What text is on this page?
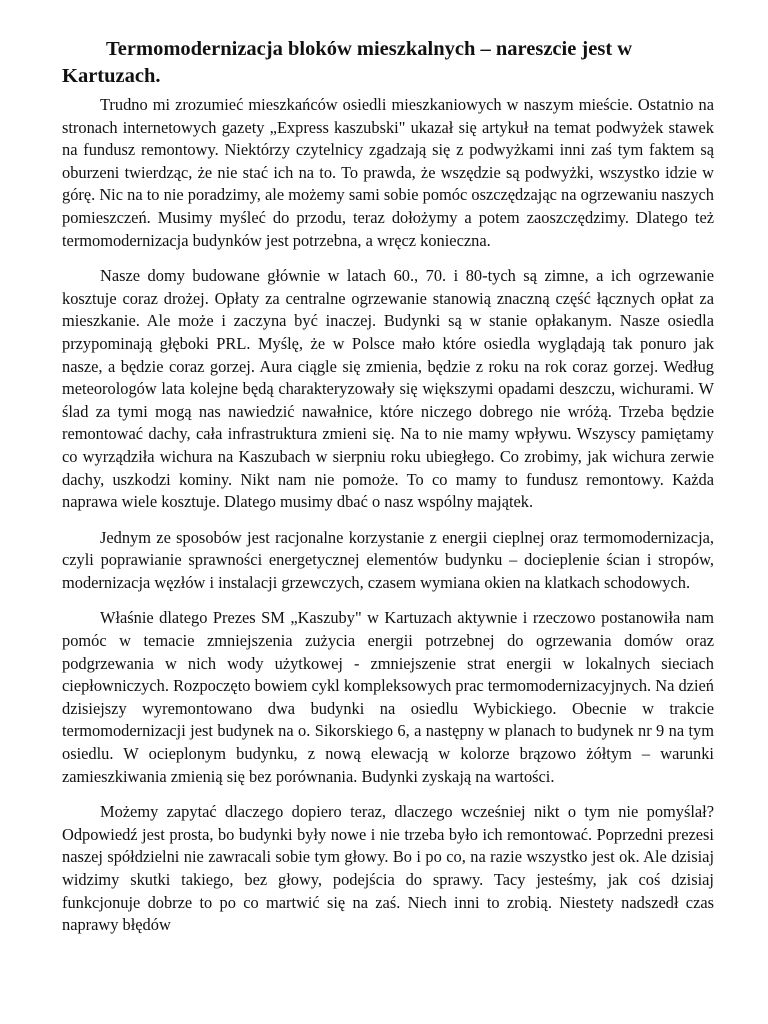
Termomodernizacja bloków mieszkalnych – nareszcie jest w Kartuzach.

Trudno mi zrozumieć mieszkańców osiedli mieszkaniowych w naszym mieście. Ostatnio na stronach internetowych gazety „Express kaszubski" ukazał się artykuł na temat podwyżek stawek na fundusz remontowy. Niektórzy czytelnicy zgadzają się z podwyżkami inni zaś tym faktem są oburzeni twierdząc, że nie stać ich na to. To prawda, że wszędzie są podwyżki, wszystko idzie w górę. Nic na to nie poradzimy, ale możemy sami sobie pomóc oszczędzając na ogrzewaniu naszych pomieszczeń. Musimy myśleć do przodu, teraz dołożymy a potem zaoszczędzimy. Dlatego też termomodernizacja budynków jest potrzebna, a wręcz konieczna.

Nasze domy budowane głównie w latach 60., 70. i 80-tych są zimne, a ich ogrzewanie kosztuje coraz drożej. Opłaty za centralne ogrzewanie stanowią znaczną część łącznych opłat za mieszkanie. Ale może i zaczyna być inaczej. Budynki są w stanie opłakanym. Nasze osiedla przypominają głęboki PRL. Myślę, że w Polsce mało które osiedla wyglądają tak ponuro jak nasze, a będzie coraz gorzej. Aura ciągle się zmienia, będzie z roku na rok coraz gorzej. Według meteorologów lata kolejne będą charakteryzowały się większymi opadami deszczu, wichurami. W ślad za tymi mogą nas nawiedzić nawałnice, które niczego dobrego nie wróżą. Trzeba będzie remontować dachy, cała infrastruktura zmieni się. Na to nie mamy wpływu. Wszyscy pamiętamy co wyrządziła wichura na Kaszubach w sierpniu roku ubiegłego. Co zrobimy, jak wichura zerwie dachy, uszkodzi kominy. Nikt nam nie pomoże. To co mamy to fundusz remontowy. Każda naprawa wiele kosztuje. Dlatego musimy dbać o nasz wspólny majątek.

Jednym ze sposobów jest racjonalne korzystanie z energii cieplnej oraz termomodernizacja, czyli poprawianie sprawności energetycznej elementów budynku – docieplenie ścian i stropów, modernizacja węzłów i instalacji grzewczych, czasem wymiana okien na klatkach schodowych.

Właśnie dlatego Prezes SM „Kaszuby" w Kartuzach aktywnie i rzeczowo postanowiła nam pomóc w temacie zmniejszenia zużycia energii potrzebnej do ogrzewania domów oraz podgrzewania w nich wody użytkowej - zmniejszenie strat energii w lokalnych sieciach ciepłowniczych. Rozpoczęto bowiem cykl kompleksowych prac termomodernizacyjnych. Na dzień dzisiejszy wyremontowano dwa budynki na osiedlu Wybickiego. Obecnie w trakcie termomodernizacji jest budynek na o. Sikorskiego 6, a następny w planach to budynek nr 9 na tym osiedlu. W ocieplonym budynku, z nową elewacją w kolorze brązowo żółtym – warunki zamieszkiwania zmienią się bez porównania. Budynki zyskają na wartości.

Możemy zapytać dlaczego dopiero teraz, dlaczego wcześniej nikt o tym nie pomyślał? Odpowiedź jest prosta, bo budynki były nowe i nie trzeba było ich remontować. Poprzedni prezesi naszej spółdzielni nie zawracali sobie tym głowy. Bo i po co, na razie wszystko jest ok. Ale dzisiaj widzimy skutki takiego, bez głowy, podejścia do sprawy. Tacy jesteśmy, jak coś dzisiaj funkcjonuje dobrze to po co martwić się na zaś. Niech inni to zrobią. Niestety nadszedł czas naprawy błędów
